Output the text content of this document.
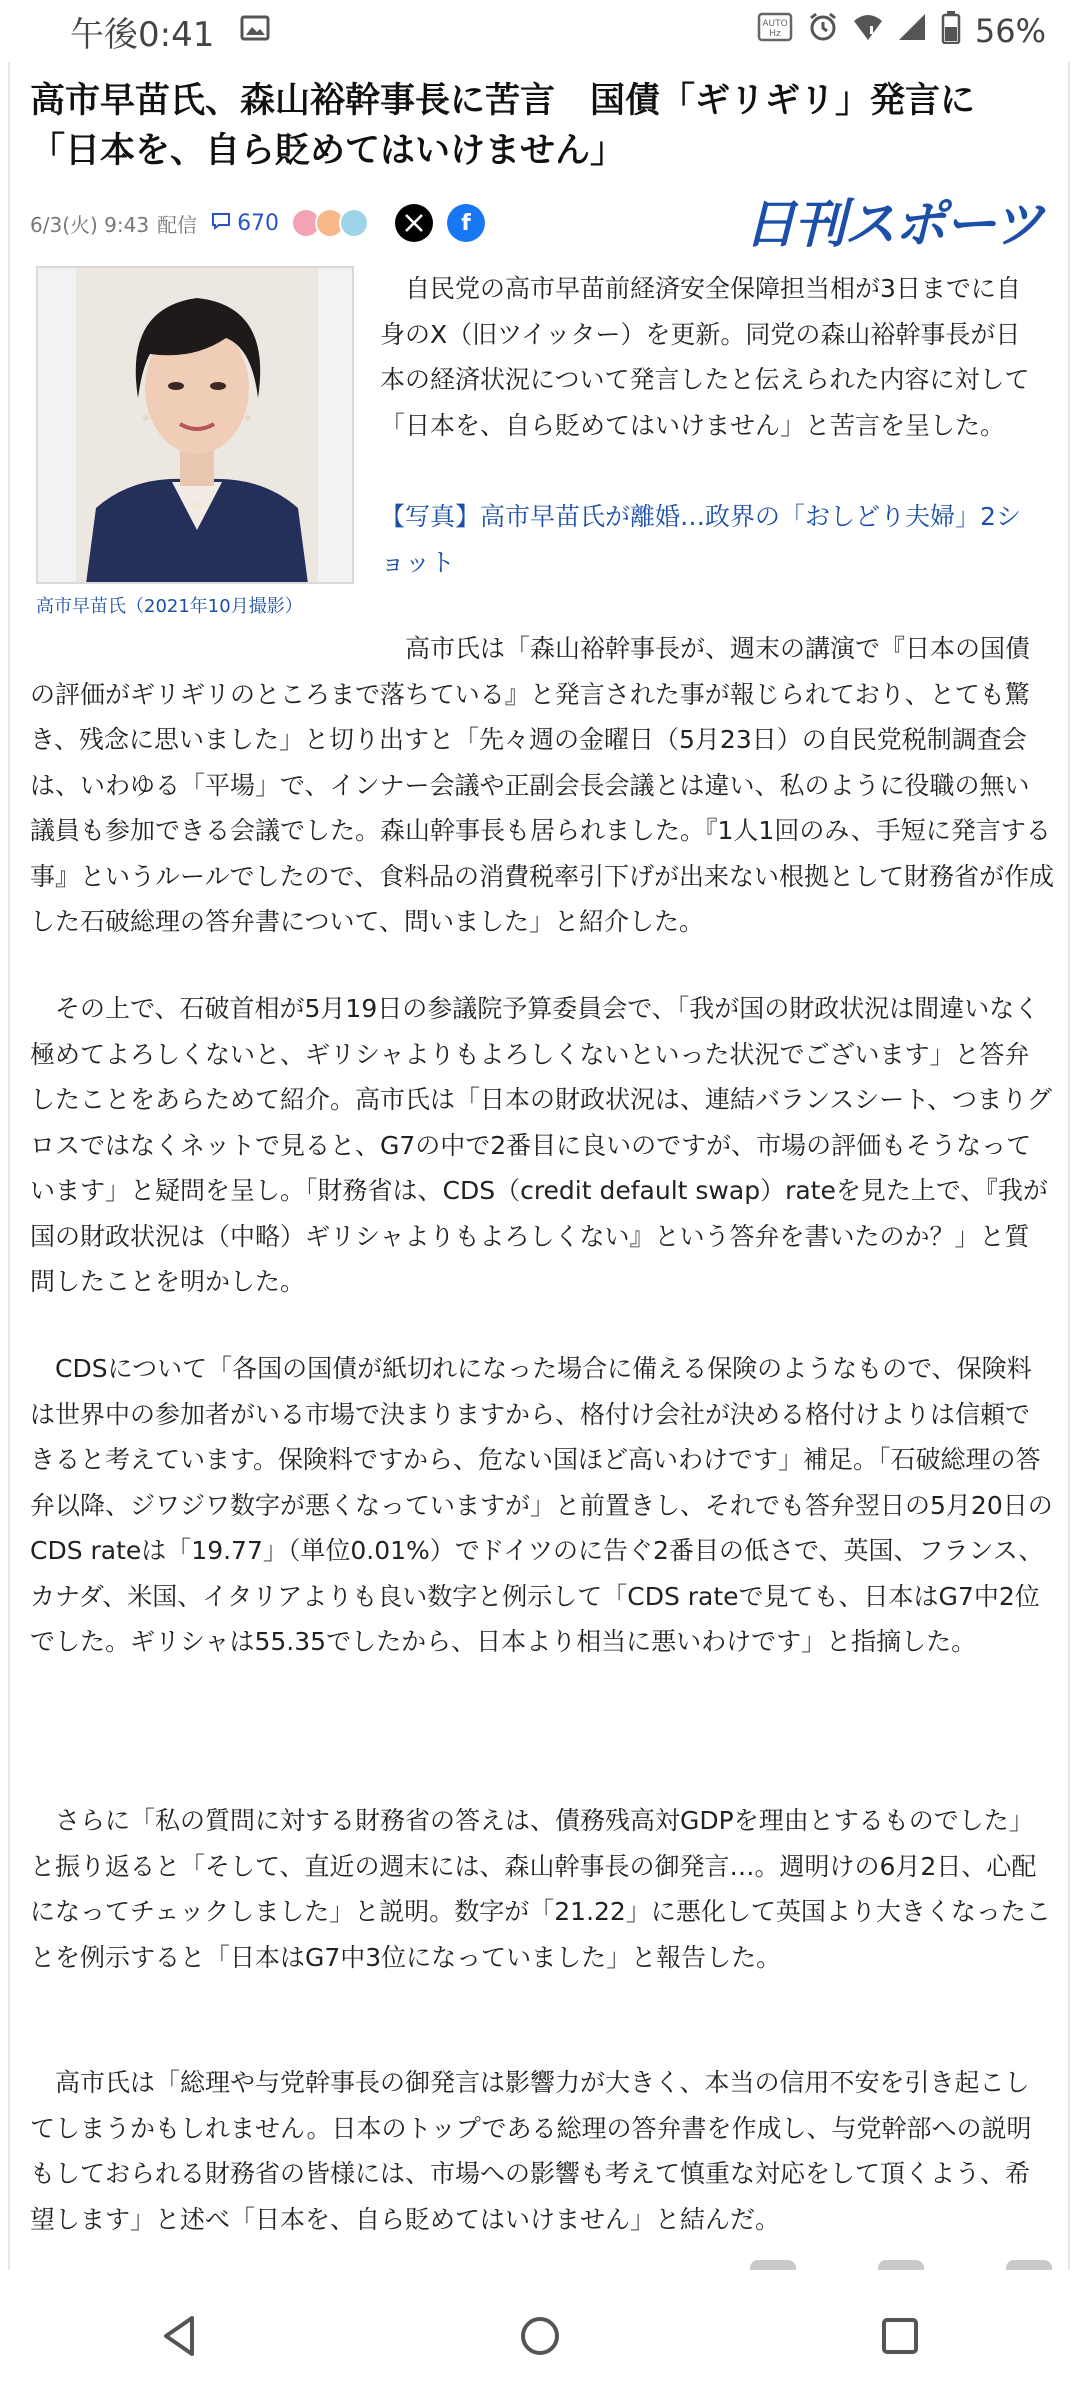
午後0:41	AUTO
Hz	56%
高市早苗氏、森山裕幹事長に苦言　国債「ギリギリ」発言に「日本を、自ら貶めてはいけません」
6/3(火) 9:43 配信 670	f	日刊スポーツ
高市早苗氏（2021年10月撮影）

自民党の高市早苗前経済安全保障担当相が3日までに自身のX（旧ツイッター）を更新。同党の森山裕幹事長が日本の経済状況について発言したと伝えられた内容に対して「日本を、自ら貶めてはいけません」と苦言を呈した。

【写真】高市早苗氏が離婚…政界の「おしどり夫婦」2ショット

高市氏は「森山裕幹事長が、週末の講演で『日本の国債の評価がギリギリのところまで落ちている』と発言された事が報じられており、とても驚き、残念に思いました」と切り出すと「先々週の金曜日（5月23日）の自民党税制調査会は、いわゆる「平場」で、インナー会議や正副会長会議とは違い、私のように役職の無い議員も参加できる会議でした。森山幹事長も居られました。『1人1回のみ、手短に発言する事』というルールでしたので、食料品の消費税率引下げが出来ない根拠として財務省が作成した石破総理の答弁書について、問いました」と紹介した。

その上で、石破首相が5月19日の参議院予算委員会で、「我が国の財政状況は間違いなく極めてよろしくないと、ギリシャよりもよろしくないといった状況でございます」と答弁したことをあらためて紹介。高市氏は「日本の財政状況は、連結バランスシート、つまりグロスではなくネットで見ると、G7の中で2番目に良いのですが、市場の評価もそうなっています」と疑問を呈し。「財務省は、CDS（credit default swap）rateを見た上で、『我が国の財政状況は（中略）ギリシャよりもよろしくない』という答弁を書いたのか？」と質問したことを明かした。

CDSについて「各国の国債が紙切れになった場合に備える保険のようなもので、保険料は世界中の参加者がいる市場で決まりますから、格付け会社が決める格付けよりは信頼できると考えています。保険料ですから、危ない国ほど高いわけです」補足。「石破総理の答弁以降、ジワジワ数字が悪くなっていますが」と前置きし、それでも答弁翌日の5月20日のCDS rateは「19.77」（単位0.01%）でドイツのに告ぐ2番目の低さで、英国、フランス、カナダ、米国、イタリアよりも良い数字と例示して「CDS rateで見ても、日本はG7中2位でした。ギリシャは55.35でしたから、日本より相当に悪いわけです」と指摘した。

さらに「私の質問に対する財務省の答えは、債務残高対GDPを理由とするものでした」と振り返ると「そして、直近の週末には、森山幹事長の御発言…。週明けの6月2日、心配になってチェックしました」と説明。数字が「21.22」に悪化して英国より大きくなったことを例示すると「日本はG7中3位になっていました」と報告した。

高市氏は「総理や与党幹事長の御発言は影響力が大きく、本当の信用不安を引き起こしてしまうかもしれません。日本のトップである総理の答弁書を作成し、与党幹部への説明もしておられる財務省の皆様には、市場への影響も考えて慎重な対応をして頂くよう、希望します」と述べ「日本を、自ら貶めてはいけません」と結んだ。
